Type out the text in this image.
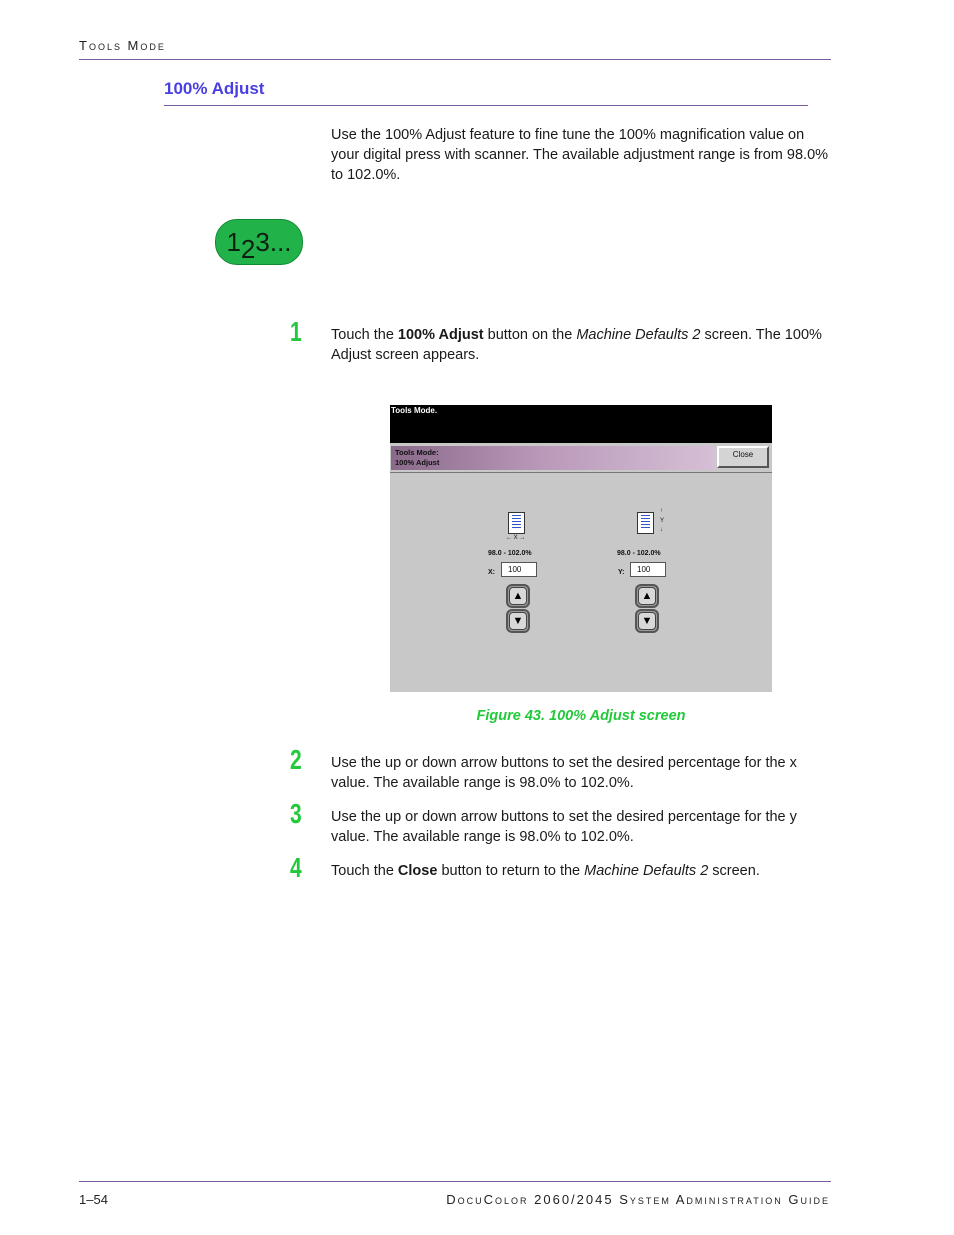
Tools Mode
100% Adjust
Use the 100% Adjust feature to fine tune the 100% magnification value on your digital press with scanner. The available adjustment range is from 98.0% to 102.0%.
1 2 3...
1 Touch the 100% Adjust button on the Machine Defaults 2 screen. The 100% Adjust screen appears.
Tools Mode.
Tools Mode:
100% Adjust
Close
← X →
98.0 - 102.0%
X:	100
▲
▼
↑
Y
↓
98.0 - 102.0%
Y:	100
▲
▼
Figure 43. 100% Adjust screen
2 Use the up or down arrow buttons to set the desired percentage for the x value. The available range is 98.0% to 102.0%.
3 Use the up or down arrow buttons to set the desired percentage for the y value. The available range is 98.0% to 102.0%.
4 Touch the Close button to return to the Machine Defaults 2 screen.
1–54	DocuColor 2060/2045 System Administration Guide
